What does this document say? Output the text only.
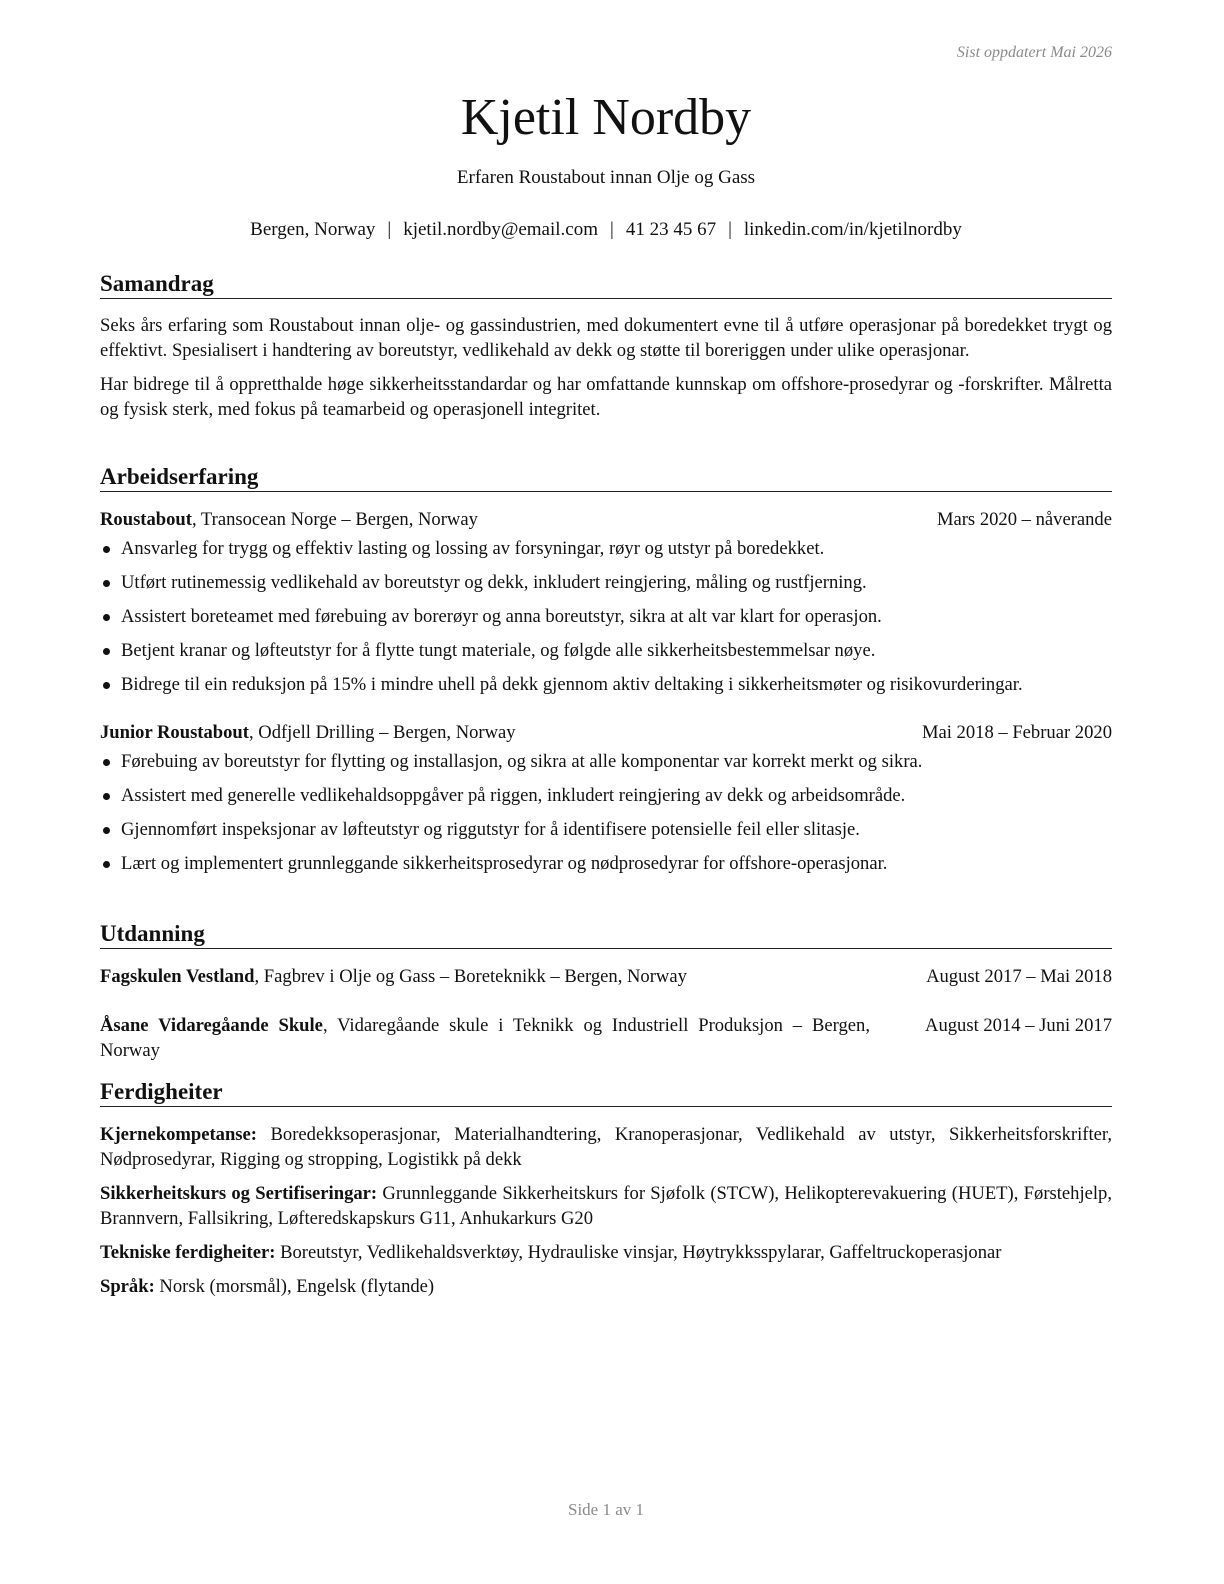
Sist oppdatert Mai 2026
Kjetil Nordby
Erfaren Roustabout innan Olje og Gass
Bergen, Norway | kjetil.nordby@email.com | 41 23 45 67 | linkedin.com/in/kjetilnordby
Samandrag

Seks års erfaring som Roustabout innan olje- og gassindustrien, med dokumentert evne til å utføre operasjonar på boredekket trygt og effektivt. Spesialisert i handtering av boreutstyr, vedlikehald av dekk og støtte til boreriggen under ulike operasjonar.

Har bidrege til å oppretthalde høge sikkerheitsstandardar og har omfattande kunnskap om offshore-prosedyrar og -forskrifter. Målretta og fysisk sterk, med fokus på teamarbeid og operasjonell integritet.

Arbeidserfaring
Roustabout, Transocean Norge – Bergen, Norway	Mars 2020 – nåverande
Ansvarleg for trygg og effektiv lasting og lossing av forsyningar, røyr og utstyr på boredekket.
Utført rutinemessig vedlikehald av boreutstyr og dekk, inkludert reingjering, måling og rustfjerning.
Assistert boreteamet med førebuing av borerøyr og anna boreutstyr, sikra at alt var klart for operasjon.
Betjent kranar og løfteutstyr for å flytte tungt materiale, og følgde alle sikkerheitsbestemmelsar nøye.
Bidrege til ein reduksjon på 15% i mindre uhell på dekk gjennom aktiv deltaking i sikkerheitsmøter og risikovurderingar.
Junior Roustabout, Odfjell Drilling – Bergen, Norway	Mai 2018 – Februar 2020
Førebuing av boreutstyr for flytting og installasjon, og sikra at alle komponentar var korrekt merkt og sikra.
Assistert med generelle vedlikehaldsoppgåver på riggen, inkludert reingjering av dekk og arbeidsområde.
Gjennomført inspeksjonar av løfteutstyr og riggutstyr for å identifisere potensielle feil eller slitasje.
Lært og implementert grunnleggande sikkerheitsprosedyrar og nødprosedyrar for offshore-operasjonar.
Utdanning
Fagskulen Vestland, Fagbrev i Olje og Gass – Boreteknikk – Bergen, Norway	August 2017 – Mai 2018
Åsane Vidaregåande Skule, Vidaregåande skule i Teknikk og Industriell Produksjon – Bergen, Norway
August 2014 – Juni 2017
Ferdigheiter

Kjernekompetanse: Boredekksoperasjonar, Materialhandtering, Kranoperasjonar, Vedlikehald av utstyr, Sikkerheitsforskrifter, Nødprosedyrar, Rigging og stropping, Logistikk på dekk

Sikkerheitskurs og Sertifiseringar: Grunnleggande Sikkerheitskurs for Sjøfolk (STCW), Helikopterevakuering (HUET), Førstehjelp, Brannvern, Fallsikring, Løfteredskapskurs G11, Anhukarkurs G20

Tekniske ferdigheiter: Boreutstyr, Vedlikehaldsverktøy, Hydrauliske vinsjar, Høytrykksspylarar, Gaffeltruckoperasjonar

Språk: Norsk (morsmål), Engelsk (flytande)

Side 1 av 1
